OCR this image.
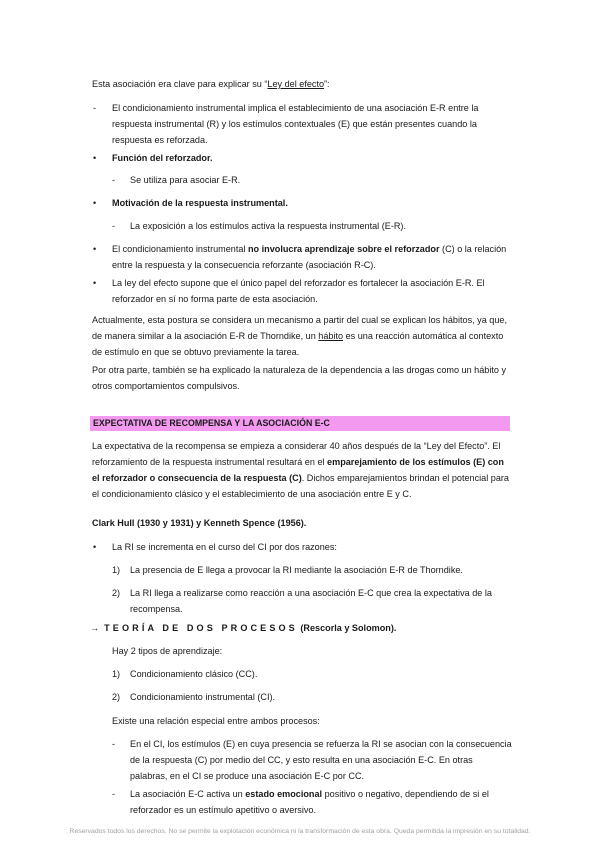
Esta asociación era clave para explicar su “Ley del efecto”:

- El condicionamiento instrumental implica el establecimiento de una asociación E-R entre la respuesta instrumental (R) y los estímulos contextuales (E) que están presentes cuando la respuesta es reforzada.

• Función del reforzador.

- Se utiliza para asociar E-R.

• Motivación de la respuesta instrumental.

- La exposición a los estímulos activa la respuesta instrumental (E-R).

• El condicionamiento instrumental no involucra aprendizaje sobre el reforzador (C) o la relación entre la respuesta y la consecuencia reforzante (asociación R-C).

• La ley del efecto supone que el único papel del reforzador es fortalecer la asociación E-R. El reforzador en sí no forma parte de esta asociación.

Actualmente, esta postura se considera un mecanismo a partir del cual se explican los hábitos, ya que, de manera similar a la asociación E-R de Thorndike, un hábito es una reacción automática al contexto de estímulo en que se obtuvo previamente la tarea.

Por otra parte, también se ha explicado la naturaleza de la dependencia a las drogas como un hábito y otros comportamientos compulsivos.

EXPECTATIVA DE RECOMPENSA Y LA ASOCIACIÓN E-C

La expectativa de la recompensa se empieza a considerar 40 años después de la “Ley del Efecto”. El reforzamiento de la respuesta instrumental resultará en el emparejamiento de los estímulos (E) con el reforzador o consecuencia de la respuesta (C). Dichos emparejamientos brindan el potencial para el condicionamiento clásico y el establecimiento de una asociación entre E y C.

Clark Hull (1930 y 1931) y Kenneth Spence (1956).

• La RI se incrementa en el curso del CI por dos razones:

1) La presencia de E llega a provocar la RI mediante la asociación E-R de Thorndike.

2) La RI llega a realizarse como reacción a una asociación E-C que crea la expectativa de la recompensa.

→ TEORÍA DE DOS PROCESOS (Rescorla y Solomon).

Hay 2 tipos de aprendizaje:

1) Condicionamiento clásico (CC).

2) Condicionamiento instrumental (CI).

Existe una relación especial entre ambos procesos:

- En el CI, los estímulos (E) en cuya presencia se refuerza la RI se asocian con la consecuencia de la respuesta (C) por medio del CC, y esto resulta en una asociación E-C. En otras palabras, en el CI se produce una asociación E-C por CC.

- La asociación E-C activa un estado emocional positivo o negativo, dependiendo de si el reforzador es un estímulo apetitivo o aversivo.

Reservados todos los derechos. No se permite la explotación económica ni la transformación de esta obra. Queda permitida la impresión en su totalidad.
